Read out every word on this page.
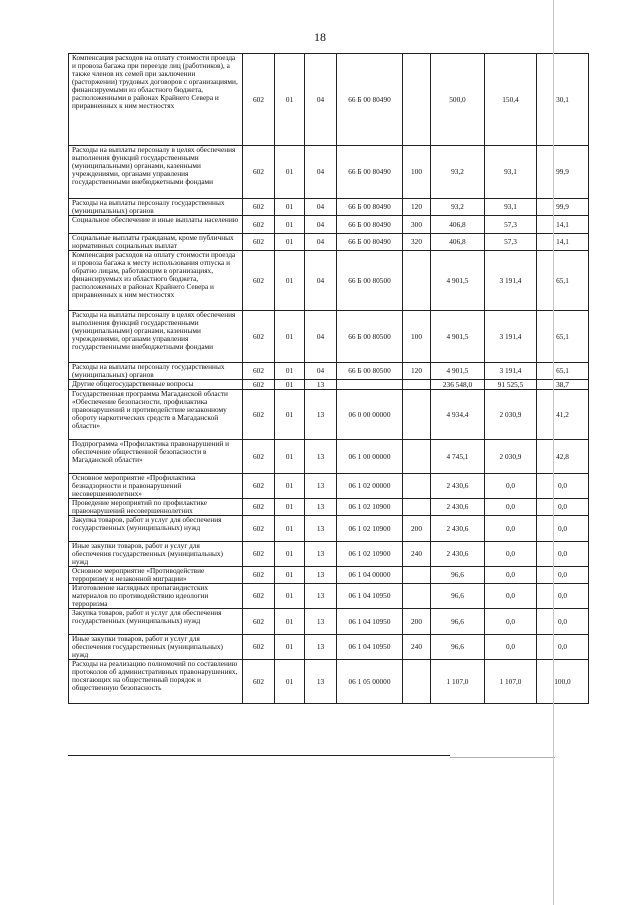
18
Компенсация расходов на оплату стоимости проезда и провоза багажа при переезде лиц (работников), а также членов их семей при заключении (расторжении) трудовых договоров с организациями, финансируемыми из областного бюджета, расположенными в районах Крайнего Севера и приравненных к ним местностях	602	01	04	66 Б 00 80490		500,0	150,4	30,1
Расходы на выплаты персоналу в целях обеспечения выполнения функций государственными (муниципальными) органами, казенными учреждениями, органами управления государственными внебюджетными фондами	602	01	04	66 Б 00 80490	100	93,2	93,1	99,9
Расходы на выплаты персоналу государственных (муниципальных) органов	602	01	04	66 Б 00 80490	120	93,2	93,1	99,9
Социальное обеспечение и иные выплаты населению	602	01	04	66 Б 00 80490	300	406,8	57,3	14,1
Социальные выплаты гражданам, кроме публичных нормативных социальных выплат	602	01	04	66 Б 00 80490	320	406,8	57,3	14,1
Компенсация расходов на оплату стоимости проезда и провоза багажа к месту использования отпуска и обратно лицам, работающим в организациях, финансируемых из областного бюджета, расположенных в районах Крайнего Севера и приравненных к ним местностях	602	01	04	66 Б 00 80500		4 901,5	3 191,4	65,1
Расходы на выплаты персоналу в целях обеспечения выполнения функций государственными (муниципальными) органами, казенными учреждениями, органами управления государственными внебюджетными фондами	602	01	04	66 Б 00 80500	100	4 901,5	3 191,4	65,1
Расходы на выплаты персоналу государственных (муниципальных) органов	602	01	04	66 Б 00 80500	120	4 901,5	3 191,4	65,1
Другие общегосударственные вопросы	602	01	13			236 548,0	91 525,5	38,7
Государственная программа Магаданской области «Обеспечение безопасности, профилактика правонарушений и противодействие незаконному обороту наркотических средств в Магаданской области»	602	01	13	06 0 00 00000		4 934,4	2 030,9	41,2
Подпрограмма «Профилактика правонарушений и обеспечение общественной безопасности в Магаданской области»	602	01	13	06 1 00 00000		4 745,1	2 030,9	42,8
Основное мероприятие «Профилактика безнадзорности и правонарушений несовершеннолетних»	602	01	13	06 1 02 00000		2 430,6	0,0	0,0
Проведение мероприятий по профилактике правонарушений несовершеннолетних	602	01	13	06 1 02 10900		2 430,6	0,0	0,0
Закупка товаров, работ и услуг для обеспечения государственных (муниципальных) нужд	602	01	13	06 1 02 10900	200	2 430,6	0,0	0,0
Иные закупки товаров, работ и услуг для обеспечения государственных (муниципальных) нужд	602	01	13	06 1 02 10900	240	2 430,6	0,0	0,0
Основное мероприятие «Противодействие терроризму и незаконной миграции»	602	01	13	06 1 04 00000		96,6	0,0	0,0
Изготовление наглядных пропагандистских материалов по противодействию идеологии терроризма	602	01	13	06 1 04 10950		96,6	0,0	0,0
Закупка товаров, работ и услуг для обеспечения государственных (муниципальных) нужд	602	01	13	06 1 04 10950	200	96,6	0,0	0,0
Иные закупки товаров, работ и услуг для обеспечения государственных (муниципальных) нужд	602	01	13	06 1 04 10950	240	96,6	0,0	0,0
Расходы на реализацию полномочий по составлению протоколов об административных правонарушениях, посягающих на общественный порядок и общественную безопасность	602	01	13	06 1 05 00000		1 107,0	1 107,0	100,0
